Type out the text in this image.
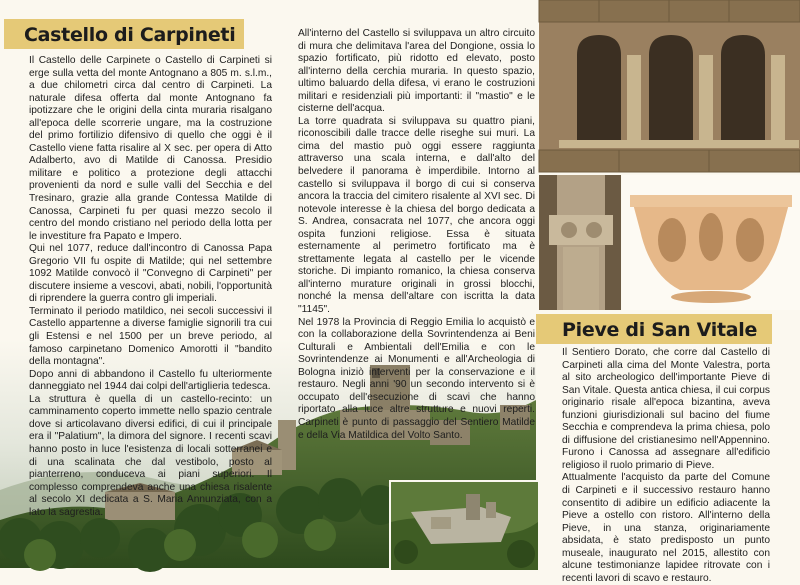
Castello di Carpineti

Il Castello delle Carpinete o Castello di Carpineti si erge sulla vetta del monte Antognano a 805 m. s.l.m., a due chilometri circa dal centro di Carpineti. La naturale difesa offerta dal monte Antognano fa ipotizzare che le origini della cinta muraria risalgano all'epoca delle scorrerie ungare, ma la costruzione del primo fortilizio difensivo di quello che oggi è il Castello viene fatta risalire al X sec. per opera di Atto Adalberto, avo di Matilde di Canossa. Presidio militare e politico a protezione degli attacchi provenienti da nord e sulle valli del Secchia e del Tresinaro, grazie alla grande Contessa Matilde di Canossa, Carpineti fu per quasi mezzo secolo il centro del mondo cristiano nel periodo della lotta per le investiture fra Papato e Impero.

Qui nel 1077, reduce dall'incontro di Canossa Papa Gregorio VII fu ospite di Matilde; qui nel settembre 1092 Matilde convocò il "Convegno di Carpineti" per discutere insieme a vescovi, abati, nobili, l'opportunità di riprendere la guerra contro gli imperiali.

Terminato il periodo matildico, nei secoli successivi il Castello appartenne a diverse famiglie signorili tra cui gli Estensi e nel 1500 per un breve periodo, al famoso carpinetano Domenico Amorotti il "bandito della montagna".

Dopo anni di abbandono il Castello fu ulteriormente danneggiato nel 1944 dai colpi dell'artiglieria tedesca.

La struttura è quella di un castello-recinto: un camminamento coperto immette nello spazio centrale dove si articolavano diversi edifici, di cui il principale era il "Palatium", la dimora del signore. I recenti scavi hanno posto in luce l'esistenza di locali sotterranei e di una scalinata che dal vestibolo, posto al pianterreno, conduceva ai piani superiori. Il complesso comprendeva anche una chiesa risalente al secolo XI dedicata a S. Maria Annunziata, con a lato la sagrestia.

All'interno del Castello si sviluppava un altro circuito di mura che delimitava l'area del Dongione, ossia lo spazio fortificato, più ridotto ed elevato, posto all'interno della cerchia muraria. In questo spazio, ultimo baluardo della difesa, vi erano le costruzioni militari e residenziali più importanti: il "mastio" e le cisterne dell'acqua.

La torre quadrata si sviluppava su quattro piani, riconoscibili dalle tracce delle riseghe sui muri. La cima del mastio può oggi essere raggiunta attraverso una scala interna, e dall'alto del belvedere il panorama è imperdibile. Intorno al castello si sviluppava il borgo di cui si conserva ancora la traccia del cimitero risalente al XVI sec. Di notevole interesse è la chiesa del borgo dedicata a S. Andrea, consacrata nel 1077, che ancora oggi ospita funzioni religiose. Essa è situata esternamente al perimetro fortificato ma è strettamente legata al castello per le vicende storiche. Di impianto romanico, la chiesa conserva all'interno murature originali in grossi blocchi, nonché la mensa dell'altare con iscritta la data "1145".

Nel 1978 la Provincia di Reggio Emilia lo acquistò e con la collaborazione della Sovrintendenza ai Beni Culturali e Ambientali dell'Emilia e con le Sovrintendenze ai Monumenti e all'Archeologia di Bologna iniziò interventi per la conservazione e il restauro. Negli anni '90 un secondo intervento si è occupato dell'esecuzione di scavi che hanno riportato alla luce altre strutture e nuovi reperti. Carpineti è punto di passaggio del Sentiero Matilde e della Via Matildica del Volto Santo.

Pieve di San Vitale

Il Sentiero Dorato, che corre dal Castello di Carpineti alla cima del Monte Valestra, porta al sito archeologico dell'importante Pieve di San Vitale. Questa antica chiesa, il cui corpus originario risale all'epoca bizantina, aveva funzioni giurisdizionali sul bacino del fiume Secchia e comprendeva la prima chiesa, polo di diffusione del cristianesimo nell'Appennino. Furono i Canossa ad assegnare all'edificio religioso il ruolo primario di Pieve.

Attualmente l'acquisto da parte del Comune di Carpineti e il successivo restauro hanno consentito di adibire un edificio adiacente la Pieve a ostello con ristoro. All'interno della Pieve, in una stanza, originariamente absidata, è stato predisposto un punto museale, inaugurato nel 2015, allestito con alcune testimonianze lapidee ritrovate con i recenti lavori di scavo e restauro.
